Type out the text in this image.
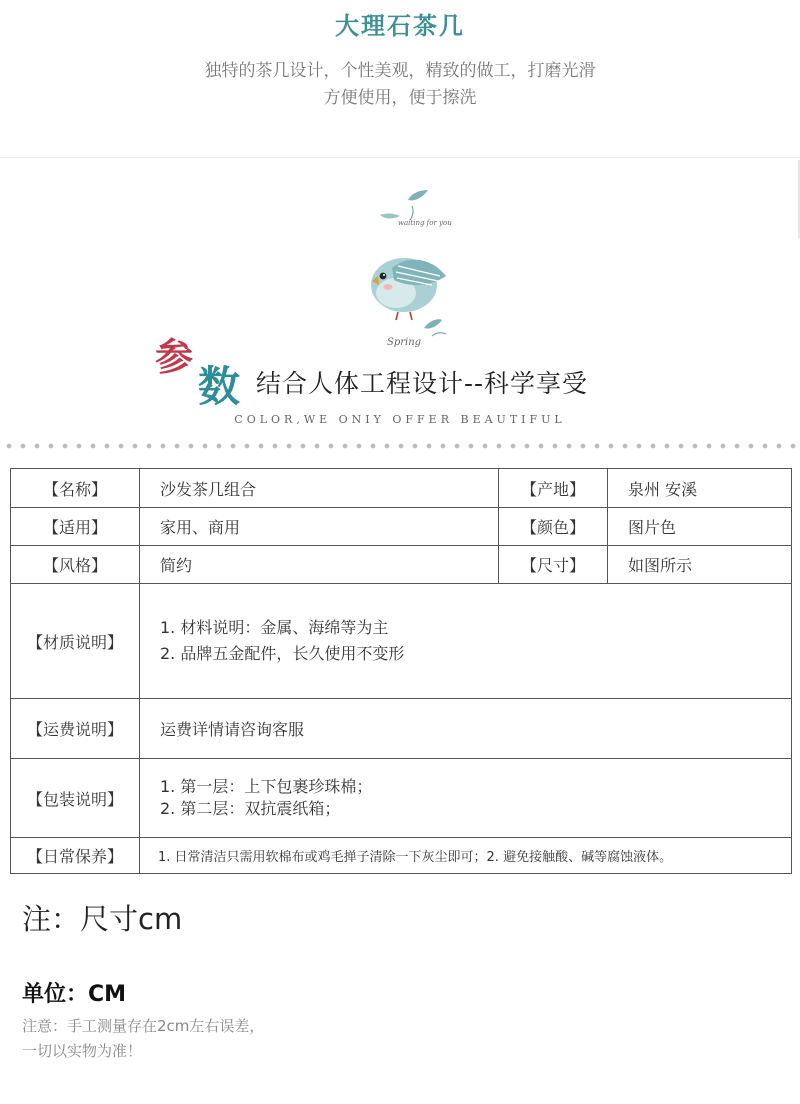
大理石茶几
独特的茶几设计，个性美观，精致的做工，打磨光滑
方便使用，便于擦洗
waiting for you
Spring
参
数 结合人体工程设计--科学享受
COLOR,WE ONIY OFFER BEAUTIFUL
【名称】	沙发茶几组合	【产地】	泉州 安溪
【适用】	家用、商用	【颜色】	图片色
【风格】	简约	【尺寸】	如图所示
【材质说明】	1. 材料说明：金属、海绵等为主
2. 品牌五金配件，长久使用不变形		

【运费说明】	运费详情请咨询客服		
【包装说明】	1. 第一层：上下包裹珍珠棉；
2. 第二层：双抗震纸箱；		

【日常保养】	1. 日常清洁只需用软棉布或鸡毛掸子清除一下灰尘即可；2. 避免接触酸、碱等腐蚀液体。		
注：尺寸cm
单位：CM
注意：手工测量存在2cm左右误差，
一切以实物为准！
